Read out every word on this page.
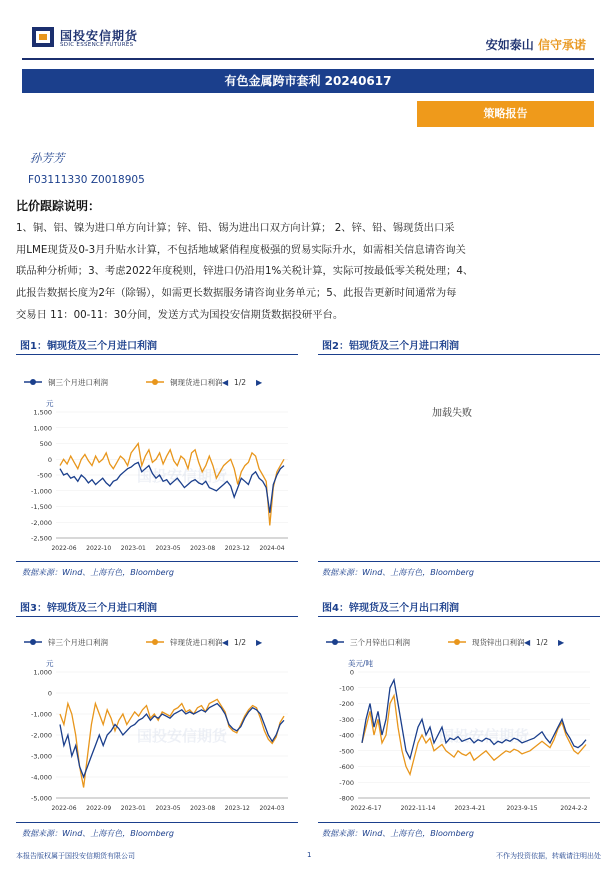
国投安信期货
SDIC ESSENCE FUTURES	安如泰山 信守承诺
有色金属跨市套利 20240617
策略报告
孙芳芳
F03111330 Z0018905
比价跟踪说明：
1、铜、铝、镍为进口单方向计算；锌、铅、锡为进出口双方向计算； 2、锌、铅、锡现货出口采
用LME现货及0-3月升贴水计算，不包括地域紧俏程度极强的贸易实际升水，如需相关信息请咨询关
联品种分析师；3、考虑2022年度税则，锌进口仍沿用1%关税计算，实际可按最低零关税处理；4、
此报告数据长度为2年（除锡），如需更长数据服务请咨询业务单元；5、此报告更新时间通常为每
交易日 11：00-11：30分间，发送方式为国投安信期货数据投研平台。
图1：铜现货及三个月进口利润
铜三个月进口利润	铜现货进口利润 ◀ 1/2 ▶
元
1,500
1,000
500
0
-500
-1,000
-1,500
-2,000
-2,500
2022-06 2022-10 2023-01 2023-05 2023-08 2023-12 2024-04
国投安信期货
数据来源：Wind、上海有色，Bloomberg
图2：铝现货及三个月进口利润
加载失败
数据来源：Wind、上海有色，Bloomberg
图3：锌现货及三个月进口利润
锌三个月进口利润	锌现货进口利润 ◀ 1/2 ▶
元
1,000
0
-1,000
-2,000
-3,000
-4,000
-5,000
2022-06 2022-09 2023-01 2023-05 2023-08 2023-12 2024-03
国投安信期货
数据来源：Wind、上海有色，Bloomberg
图4：锌现货及三个月出口利润
三个月锌出口利润	现货锌出口利润 ◀ 1/2 ▶
美元/吨
0
-100
-200
-300
-400
-500
-600
-700
-800
2022-6-17	2022-11-14	2023-4-21	2023-9-15	2024-2-2
国投安信期货
数据来源：Wind、上海有色，Bloomberg
本报告版权属于国投安信期货有限公司	1	不作为投资依据，转载请注明出处
